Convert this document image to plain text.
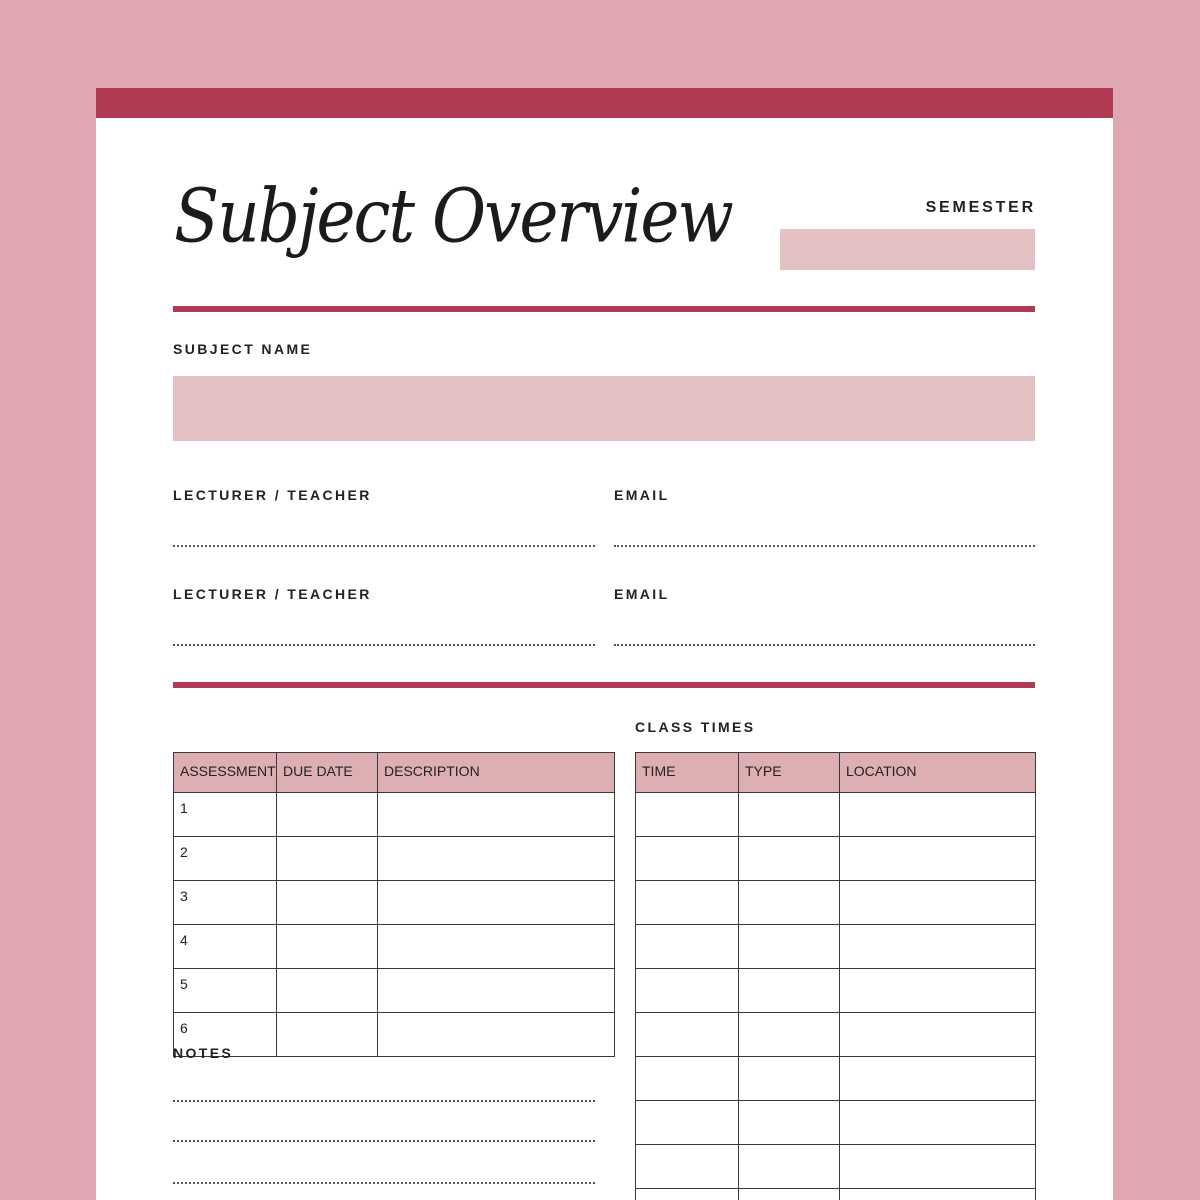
Subject Overview	SEMESTER
SUBJECT NAME
LECTURER / TEACHER	EMAIL
LECTURER / TEACHER	EMAIL
CLASS TIMES
ASSESSMENT	DUE DATE	DESCRIPTION
1		
2		
3		
4		
5		
6		
TIME	TYPE	LOCATION

NOTES
